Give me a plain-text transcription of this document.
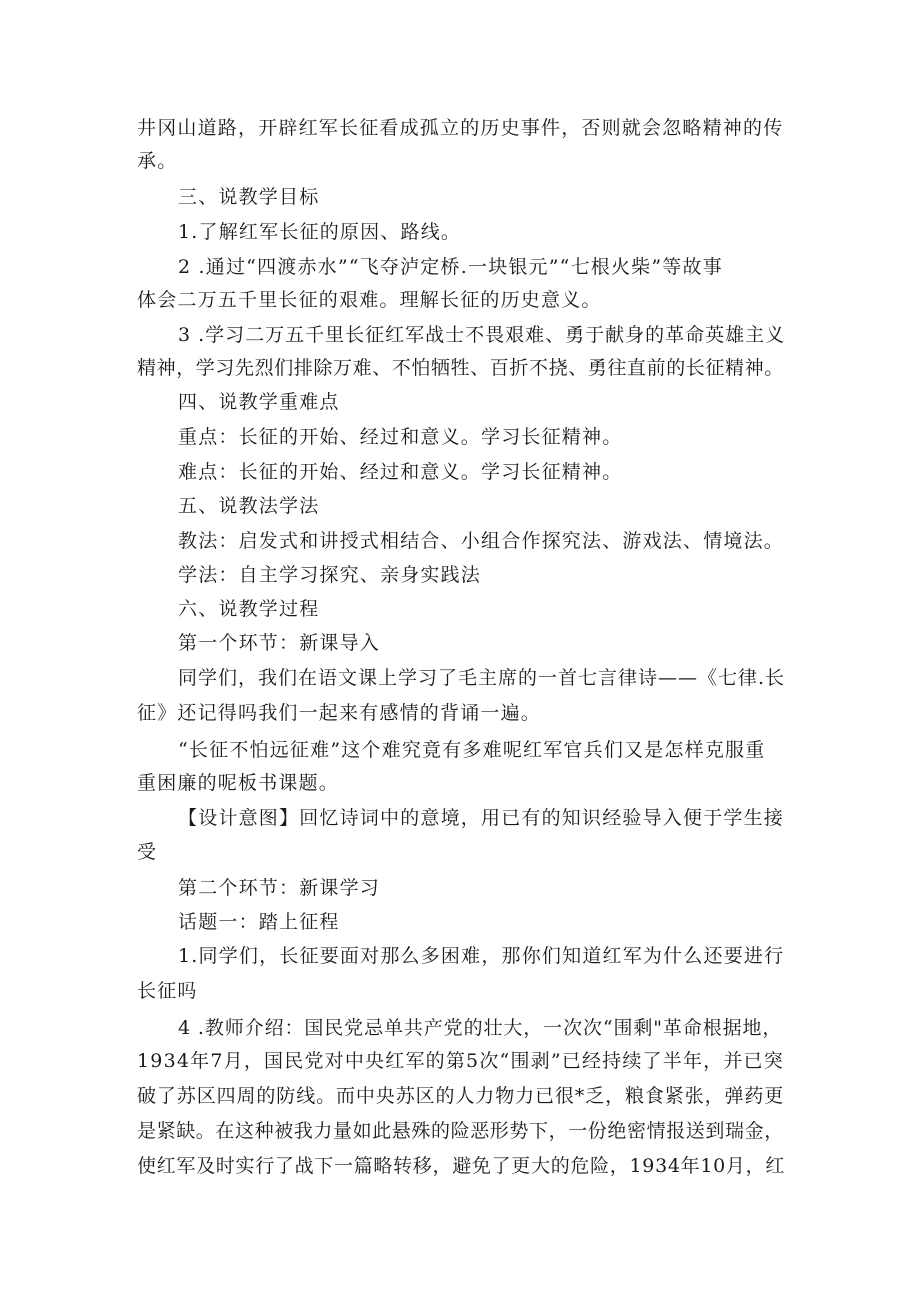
井冈山道路，开辟红军长征看成孤立的历史事件，否则就会忽略精神的传
承。
三、说教学目标
1.了解红军长征的原因、路线。
2 .通过“四渡赤水”“飞夺泸定桥.一块银元”“七根火柴”等故事
体会二万五千里长征的艰难。理解长征的历史意义。
3 .学习二万五千里长征红军战士不畏艰难、勇于献身的革命英雄主义
精神，学习先烈们排除万难、不怕牺牲、百折不挠、勇往直前的长征精神。
四、说教学重难点
重点：长征的开始、经过和意义。学习长征精神。
难点：长征的开始、经过和意义。学习长征精神。
五、说教法学法
教法：启发式和讲授式相结合、小组合作探究法、游戏法、情境法。
学法：自主学习探究、亲身实践法
六、说教学过程
第一个环节：新课导入
同学们，我们在语文课上学习了毛主席的一首七言律诗——《七律.长
征》还记得吗我们一起来有感情的背诵一遍。
“长征不怕远征难”这个难究竟有多难呢红军官兵们又是怎样克服重
重困廉的呢板书课题。
【设计意图】回忆诗词中的意境，用已有的知识经验导入便于学生接
受
第二个环节：新课学习
话题一：踏上征程
1.同学们，长征要面对那么多困难，那你们知道红军为什么还要进行
长征吗
4 .教师介绍：国民党忌单共产党的壮大，一次次“围剩"革命根据地，
1934年7月，国民党对中央红军的第5次“围剥”已经持续了半年，并已突
破了苏区四周的防线。而中央苏区的人力物力已很*乏，粮食紧张，弹药更
是紧缺。在这种被我力量如此悬殊的险恶形势下，一份绝密情报送到瑞金，
使红军及时实行了战下一篇略转移，避免了更大的危险，1934年10月，红
